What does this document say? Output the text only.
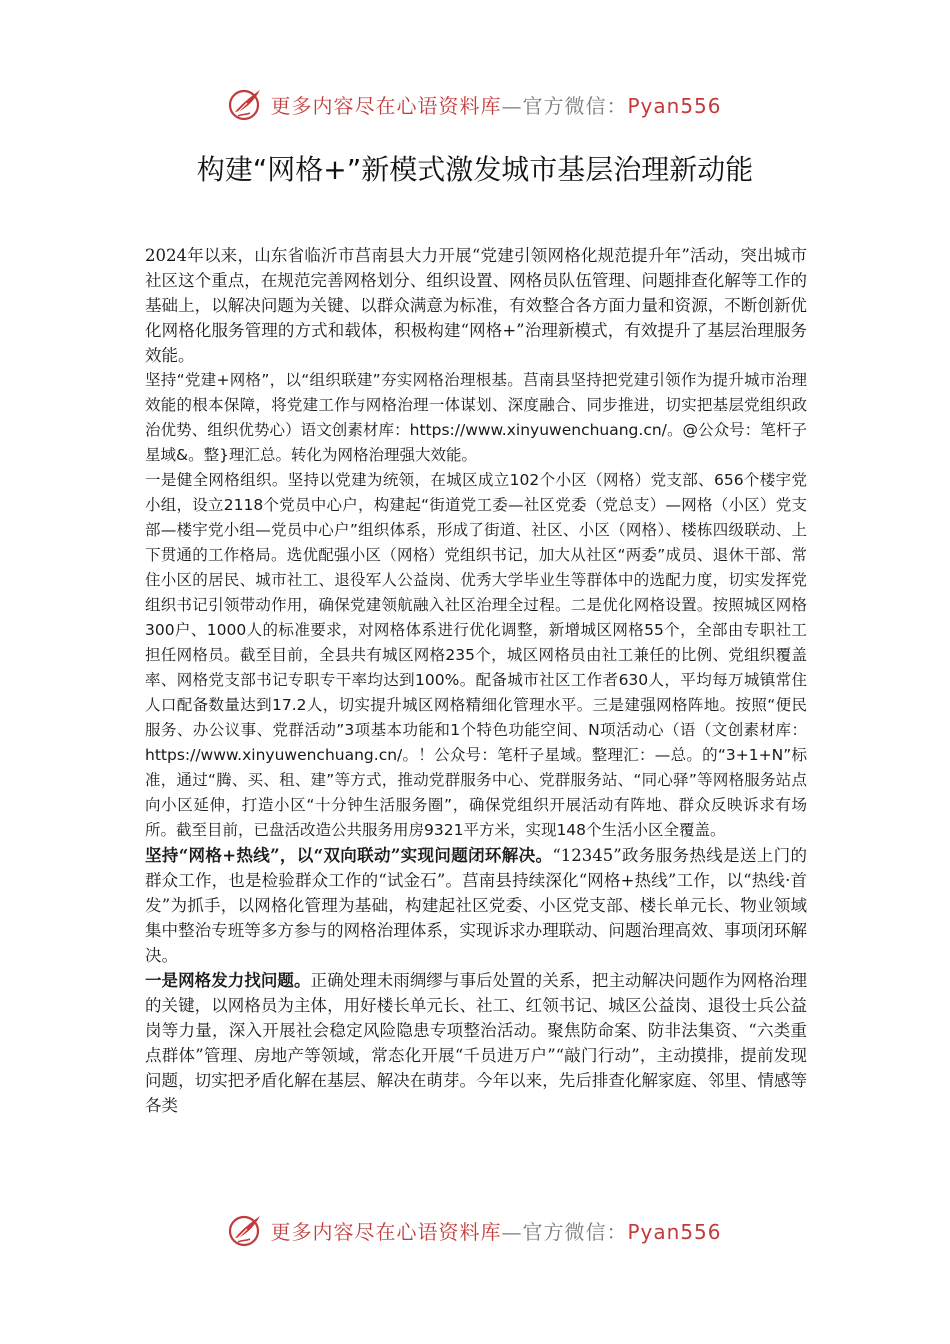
更多内容尽在心语资料库—官方微信：Pyan556
构建“网格+”新模式激发城市基层治理新动能

2024年以来，山东省临沂市莒南县大力开展“党建引领网格化规范提升年”活动，突出城市社区这个重点，在规范完善网格划分、组织设置、网格员队伍管理、问题排查化解等工作的基础上，以解决问题为关键、以群众满意为标准，有效整合各方面力量和资源，不断创新优化网格化服务管理的方式和载体，积极构建“网格+”治理新模式，有效提升了基层治理服务效能。

坚持“党建+网格”，以“组织联建”夯实网格治理根基。莒南县坚持把党建引领作为提升城市治理效能的根本保障，将党建工作与网格治理一体谋划、深度融合、同步推进，切实把基层党组织政治优势、组织优势心）语文创素材库：https://www.xinyuwenchuang.cn/。@公众号：笔杆子星域&。整}理汇总。转化为网格治理强大效能。

一是健全网格组织。坚持以党建为统领，在城区成立102个小区（网格）党支部、656个楼宇党小组，设立2118个党员中心户，构建起“街道党工委—社区党委（党总支）—网格（小区）党支部—楼宇党小组—党员中心户”组织体系，形成了街道、社区、小区（网格）、楼栋四级联动、上下贯通的工作格局。选优配强小区（网格）党组织书记，加大从社区“两委”成员、退休干部、常住小区的居民、城市社工、退役军人公益岗、优秀大学毕业生等群体中的选配力度，切实发挥党组织书记引领带动作用，确保党建领航融入社区治理全过程。二是优化网格设置。按照城区网格300户、1000人的标准要求，对网格体系进行优化调整，新增城区网格55个，全部由专职社工担任网格员。截至目前，全县共有城区网格235个，城区网格员由社工兼任的比例、党组织覆盖率、网格党支部书记专职专干率均达到100%。配备城市社区工作者630人，平均每万城镇常住人口配备数量达到17.2人，切实提升城区网格精细化管理水平。三是建强网格阵地。按照“便民服务、办公议事、党群活动”3项基本功能和1个特色功能空间、N项活动心（语（文创素材库：https://www.xinyuwenchuang.cn/。！公众号：笔杆子星域。整理汇：—总。的“3+1+N”标准，通过“腾、买、租、建”等方式，推动党群服务中心、党群服务站、“同心驿”等网格服务站点向小区延伸，打造小区“十分钟生活服务圈”，确保党组织开展活动有阵地、群众反映诉求有场所。截至目前，已盘活改造公共服务用房9321平方米，实现148个生活小区全覆盖。

坚持“网格+热线”，以“双向联动”实现问题闭环解决。“12345”政务服务热线是送上门的群众工作，也是检验群众工作的“试金石”。莒南县持续深化“网格+热线”工作，以“热线·首发”为抓手，以网格化管理为基础，构建起社区党委、小区党支部、楼长单元长、物业领域集中整治专班等多方参与的网格治理体系，实现诉求办理联动、问题治理高效、事项闭环解决。

一是网格发力找问题。正确处理未雨绸缪与事后处置的关系，把主动解决问题作为网格治理的关键，以网格员为主体，用好楼长单元长、社工、红领书记、城区公益岗、退役士兵公益岗等力量，深入开展社会稳定风险隐患专项整治活动。聚焦防命案、防非法集资、“六类重点群体”管理、房地产等领域，常态化开展“千员进万户”“敲门行动”，主动摸排，提前发现问题，切实把矛盾化解在基层、解决在萌芽。今年以来，先后排查化解家庭、邻里、情感等各类

更多内容尽在心语资料库—官方微信：Pyan556
